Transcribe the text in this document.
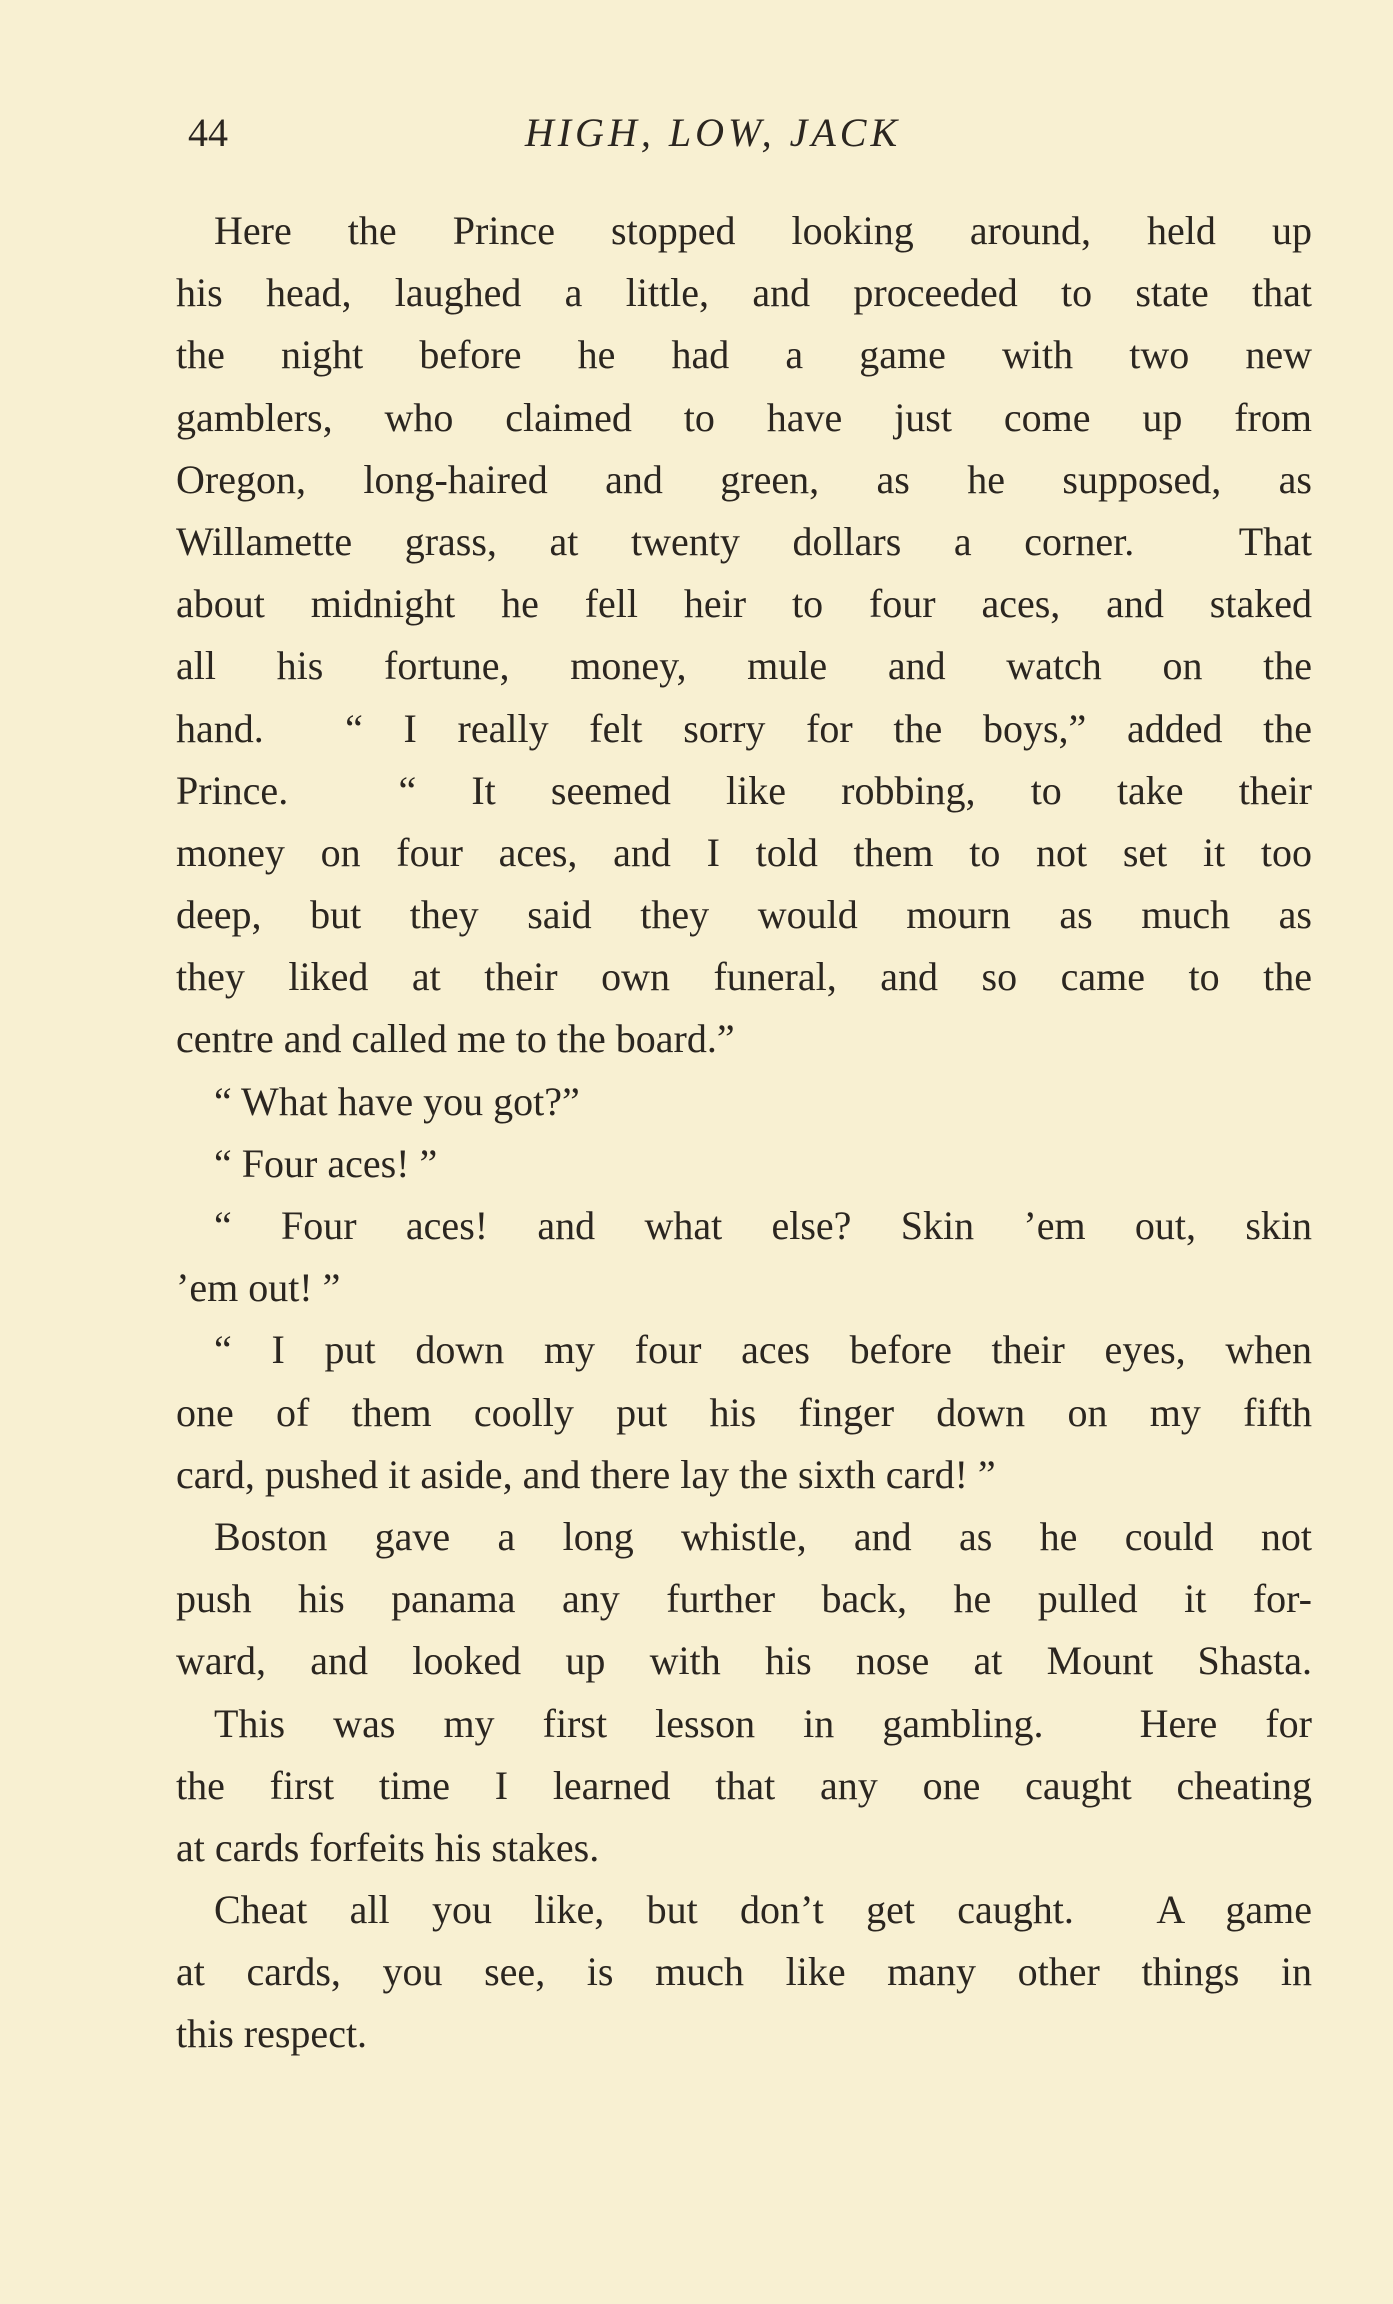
44	HIGH, LOW, JACK
Here the Prince stopped looking around, held up
his head, laughed a little, and proceeded to state that
the night before he had a game with two new
gamblers, who claimed to have just come up from
Oregon, long-haired and green, as he supposed, as
Willamette grass, at twenty dollars a corner.  That
about midnight he fell heir to four aces, and staked
all his fortune, money, mule and watch on the
hand.  “ I really felt sorry for the boys,” added the
Prince.  “ It seemed like robbing, to take their
money on four aces, and I told them to not set it too
deep, but they said they would mourn as much as
they liked at their own funeral, and so came to the
centre and called me to the board.”
“ What have you got?”
“ Four aces! ”
“ Four aces! and what else? Skin ’em out, skin
’em out! ”
“ I put down my four aces before their eyes, when
one of them coolly put his finger down on my fifth
card, pushed it aside, and there lay the sixth card! ”
Boston gave a long whistle, and as he could not
push his panama any further back, he pulled it for-
ward, and looked up with his nose at Mount Shasta.
This was my first lesson in gambling.  Here for
the first time I learned that any one caught cheating
at cards forfeits his stakes.
Cheat all you like, but don’t get caught.  A game
at cards, you see, is much like many other things in
this respect.
